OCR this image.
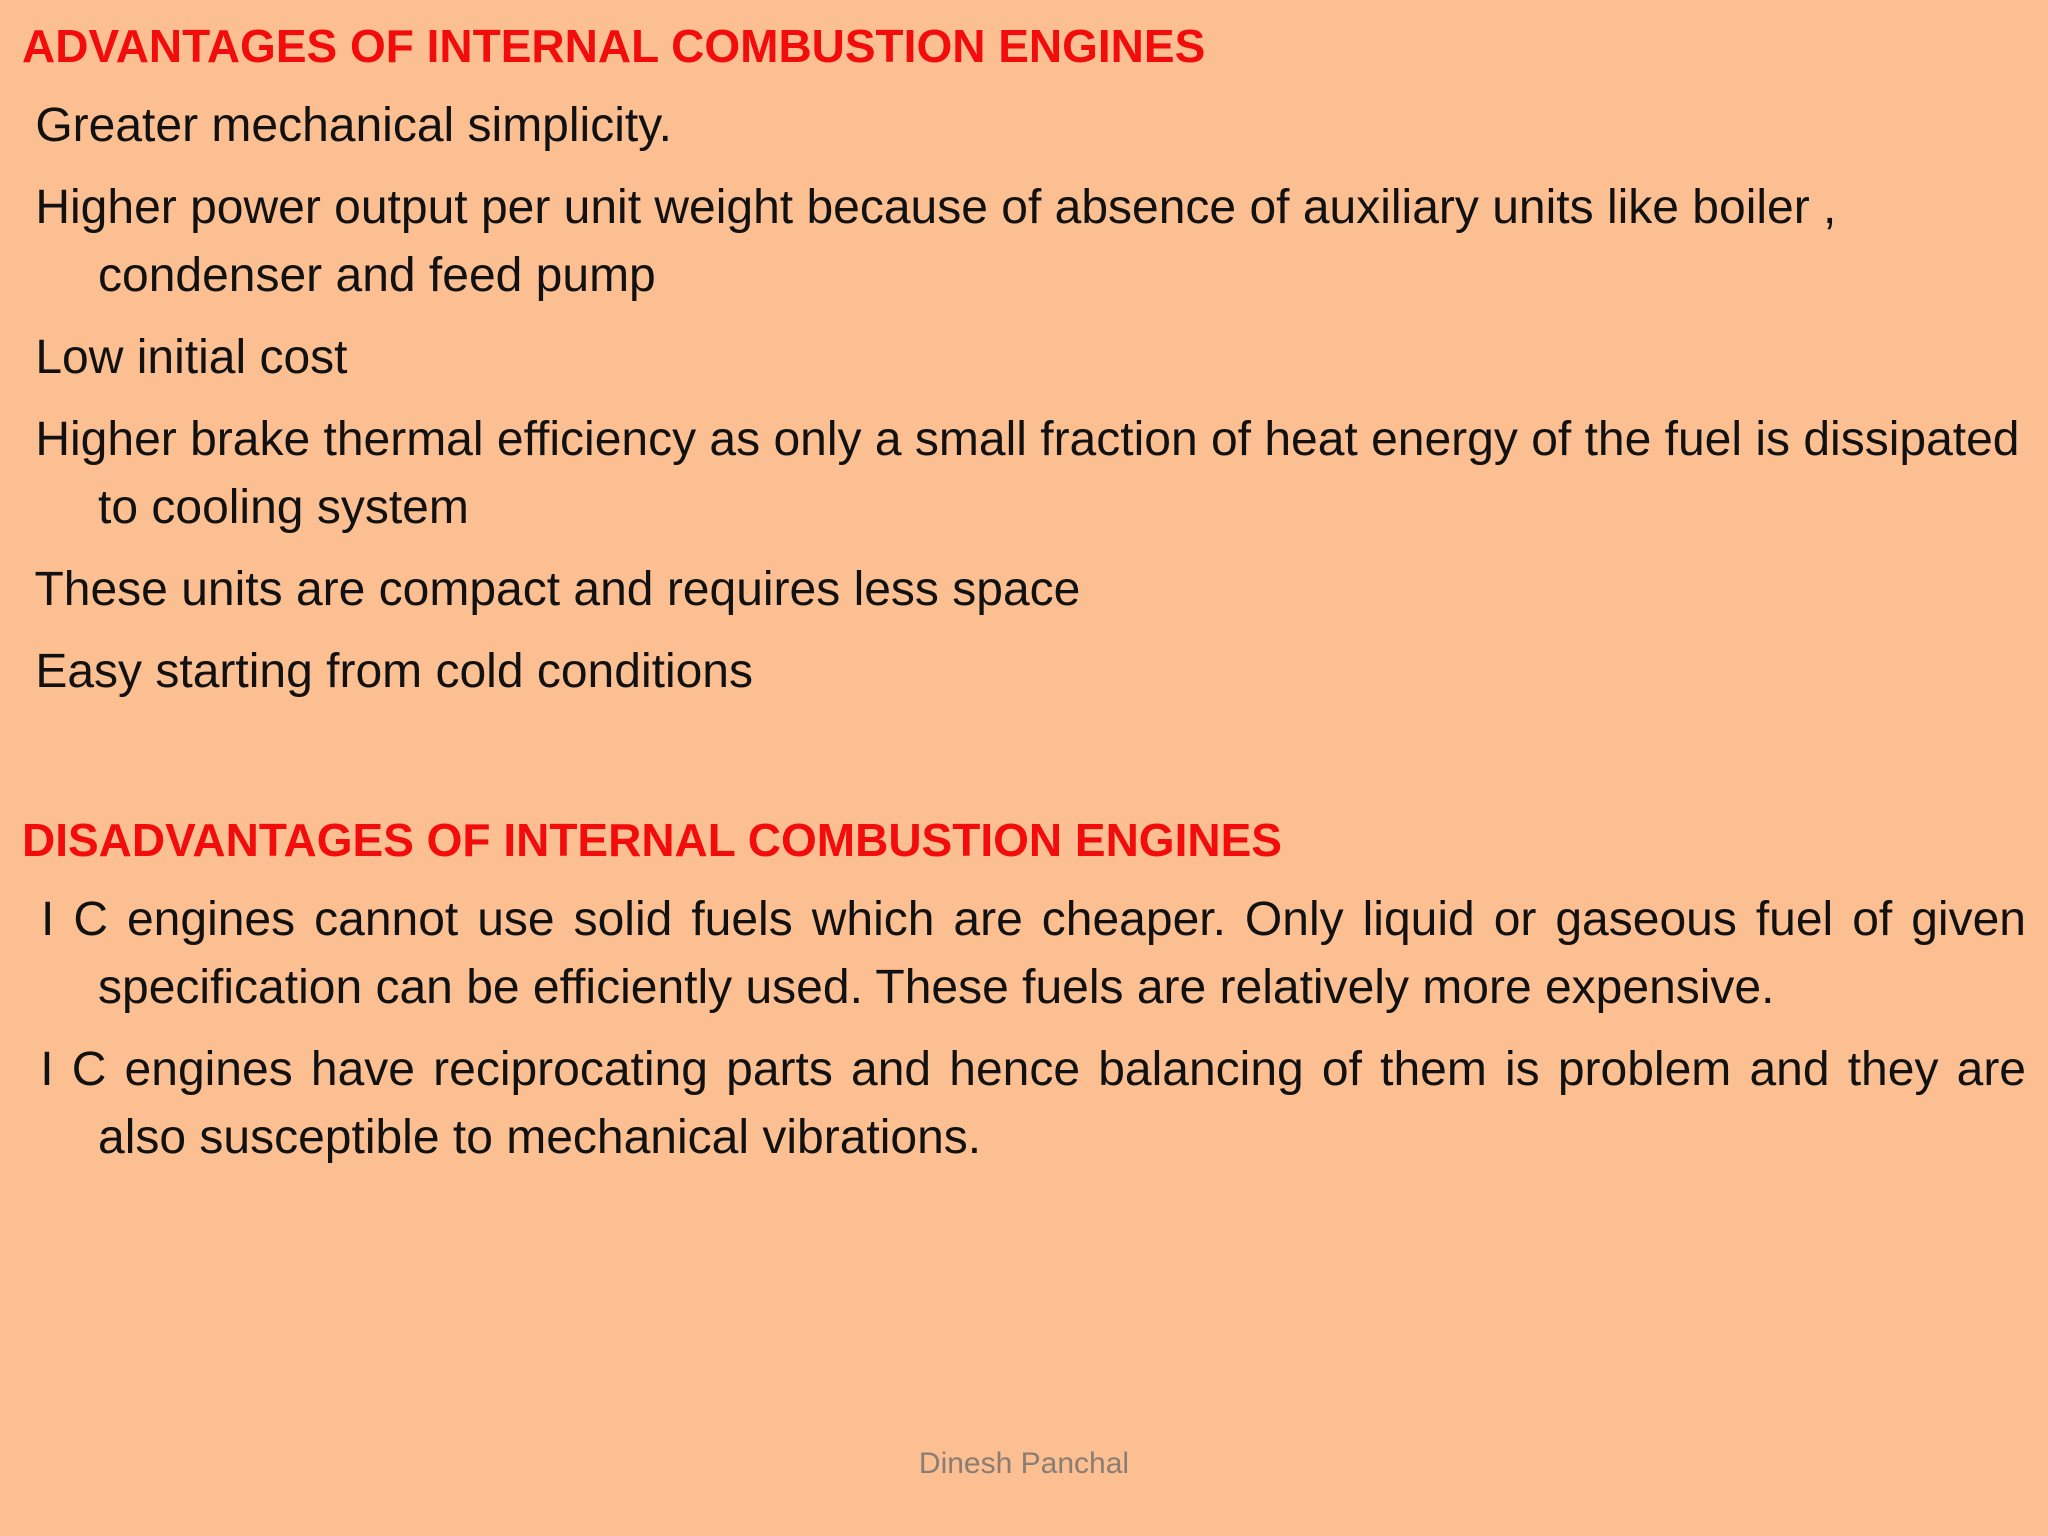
ADVANTAGES OF INTERNAL COMBUSTION ENGINES
Greater mechanical simplicity.
Higher power output per unit weight because of absence of auxiliary units like boiler , condenser and feed pump
Low initial cost
Higher brake thermal efficiency as only a small fraction of heat energy of the fuel is dissipated to cooling system
These units are compact and requires less space
Easy starting from cold conditions
DISADVANTAGES OF INTERNAL COMBUSTION ENGINES
I C engines cannot use solid fuels which are cheaper. Only liquid or gaseous fuel of given specification can be efficiently used. These fuels are relatively more expensive.
I C engines have reciprocating parts and hence balancing of them is problem and they are also susceptible to mechanical vibrations.
Dinesh Panchal
